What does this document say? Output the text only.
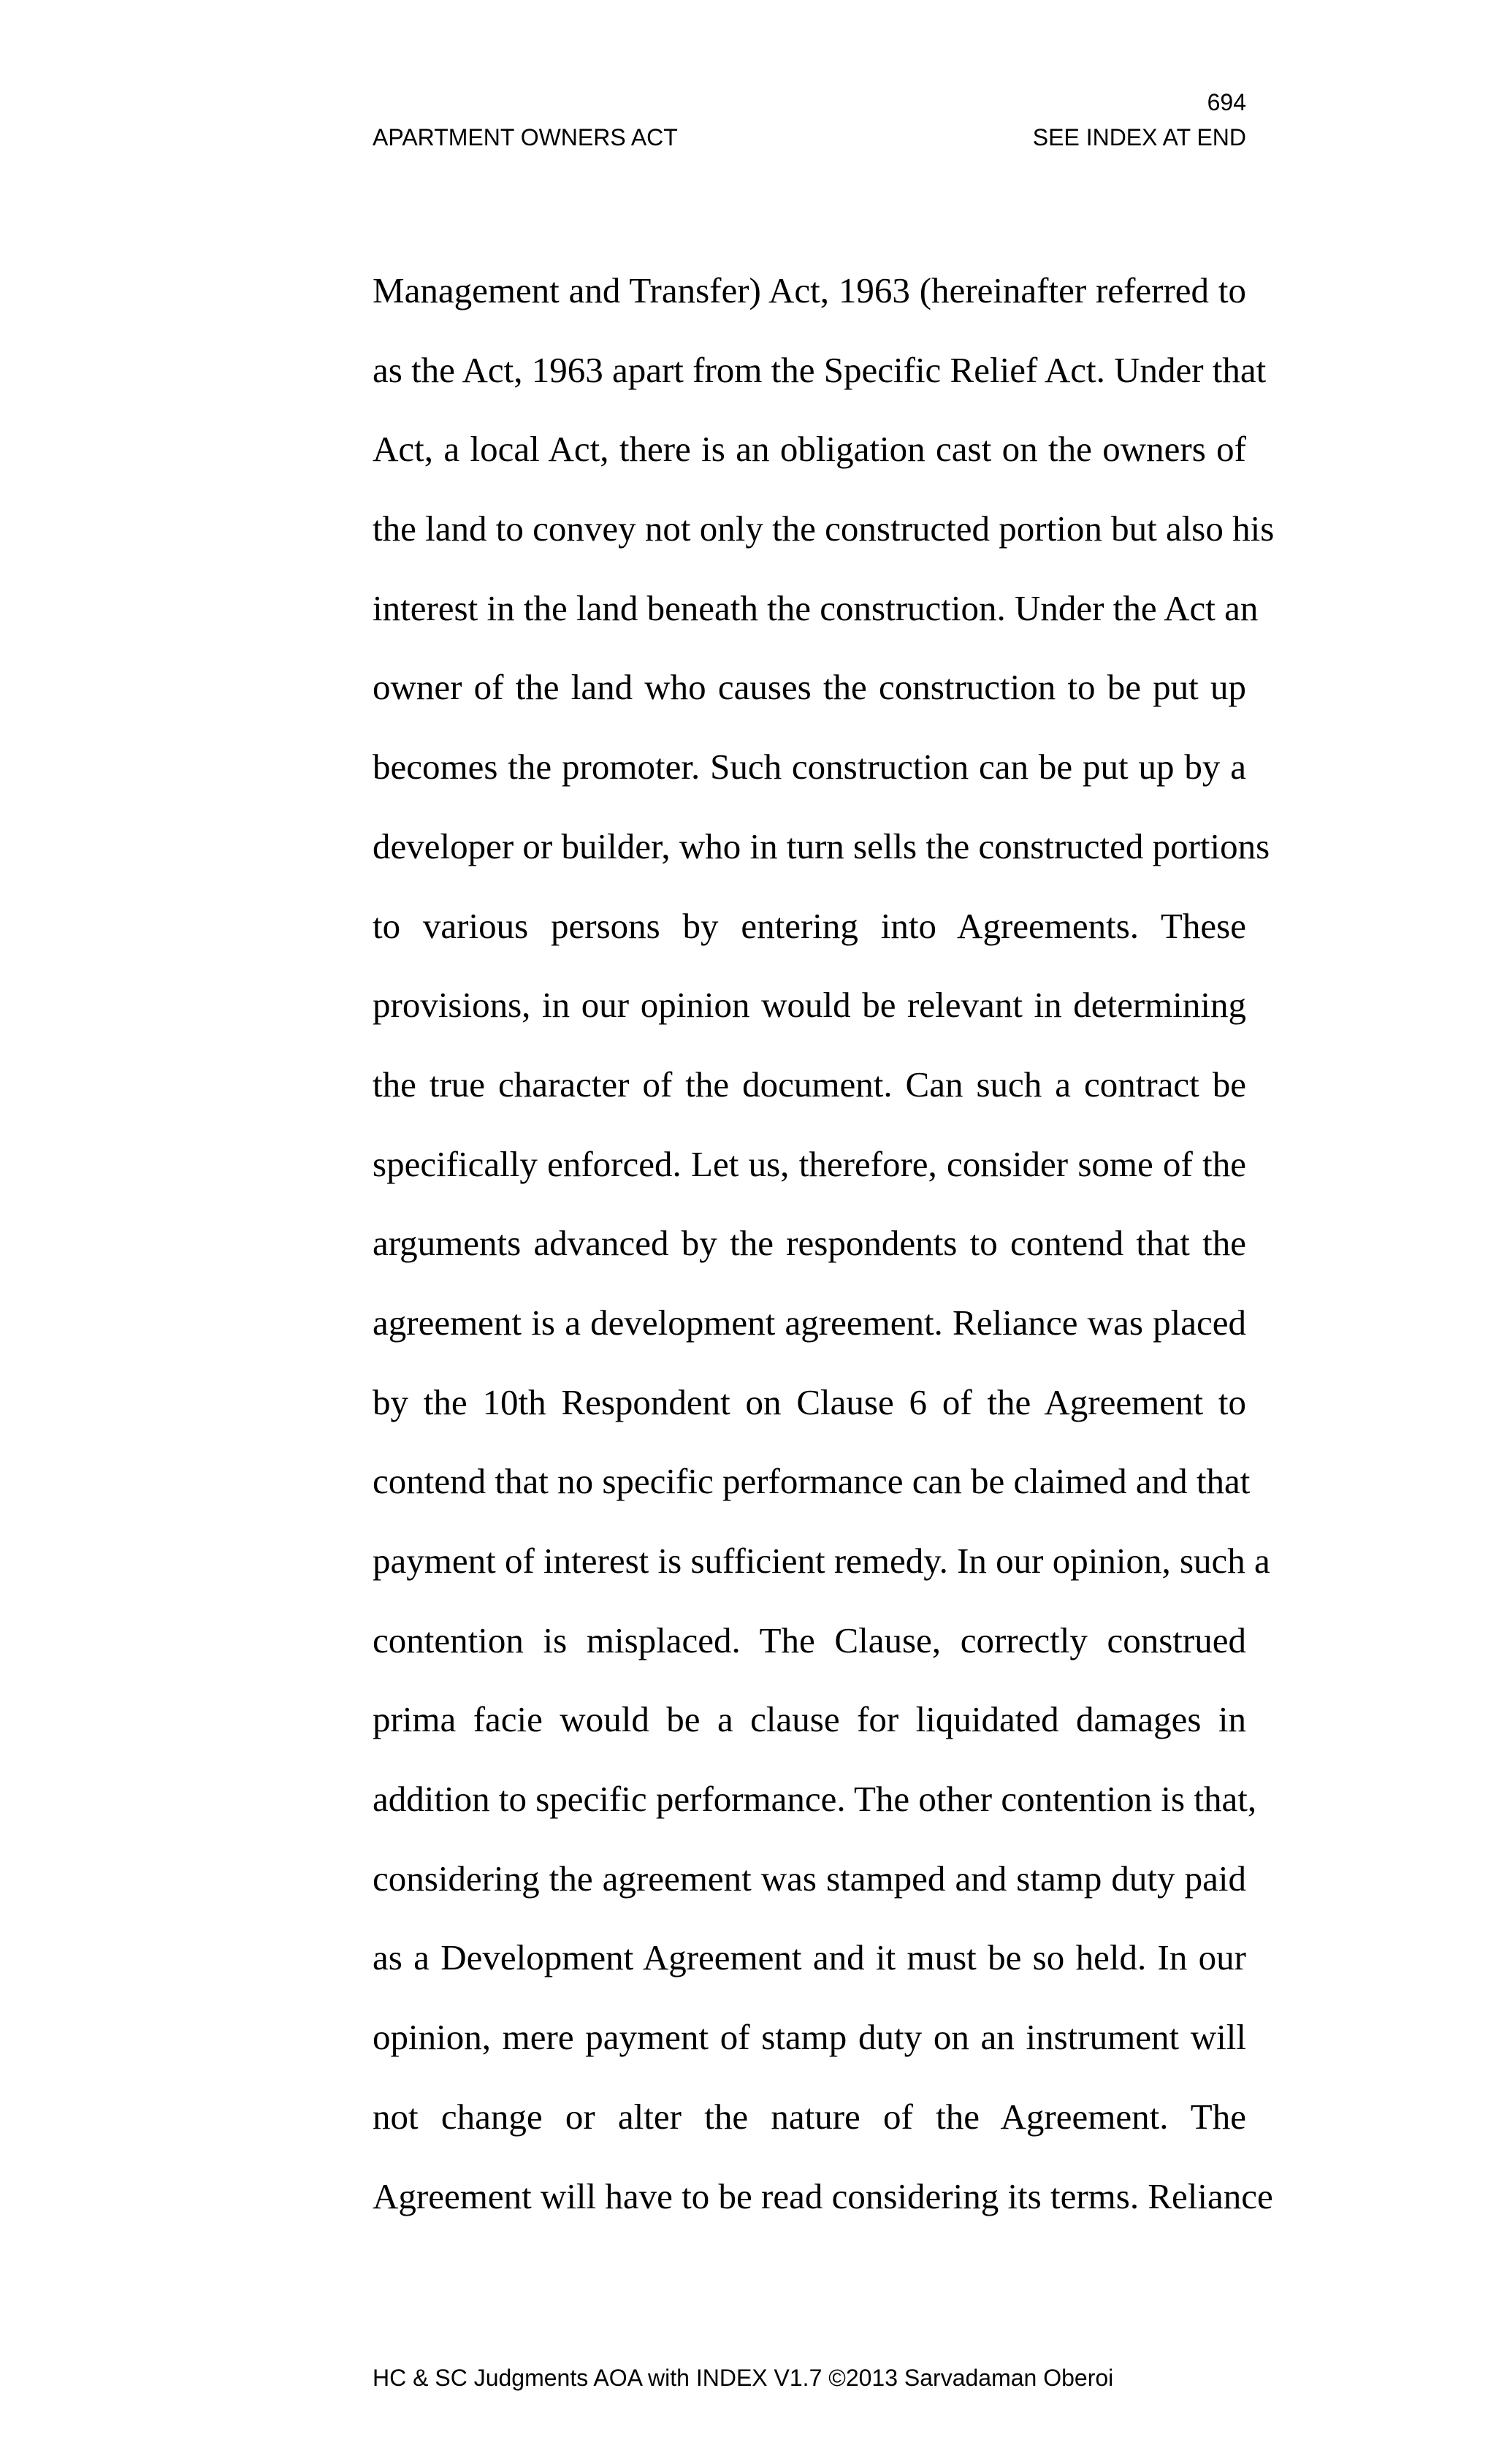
694
APARTMENT OWNERS ACT	SEE INDEX AT END
Management and Transfer) Act, 1963 (hereinafter referred to
as the Act, 1963 apart from the Specific Relief Act. Under that
Act, a local Act, there is an obligation cast on the owners of
the land to convey not only the constructed portion but also his
interest in the land beneath the construction. Under the Act an
owner of the land who causes the construction to be put up
becomes the promoter. Such construction can be put up by a
developer or builder, who in turn sells the constructed portions
to various persons by entering into Agreements. These
provisions, in our opinion would be relevant in determining
the true character of the document. Can such a contract be
specifically enforced. Let us, therefore, consider some of the
arguments advanced by the respondents to contend that the
agreement is a development agreement. Reliance was placed
by the 10th Respondent on Clause 6 of the Agreement to
contend that no specific performance can be claimed and that
payment of interest is sufficient remedy. In our opinion, such a
contention is misplaced. The Clause, correctly construed
prima facie would be a clause for liquidated damages in
addition to specific performance. The other contention is that,
considering the agreement was stamped and stamp duty paid
as a Development Agreement and it must be so held. In our
opinion, mere payment of stamp duty on an instrument will
not change or alter the nature of the Agreement. The
Agreement will have to be read considering its terms. Reliance
HC & SC Judgments AOA with INDEX V1.7 ©2013 Sarvadaman Oberoi
